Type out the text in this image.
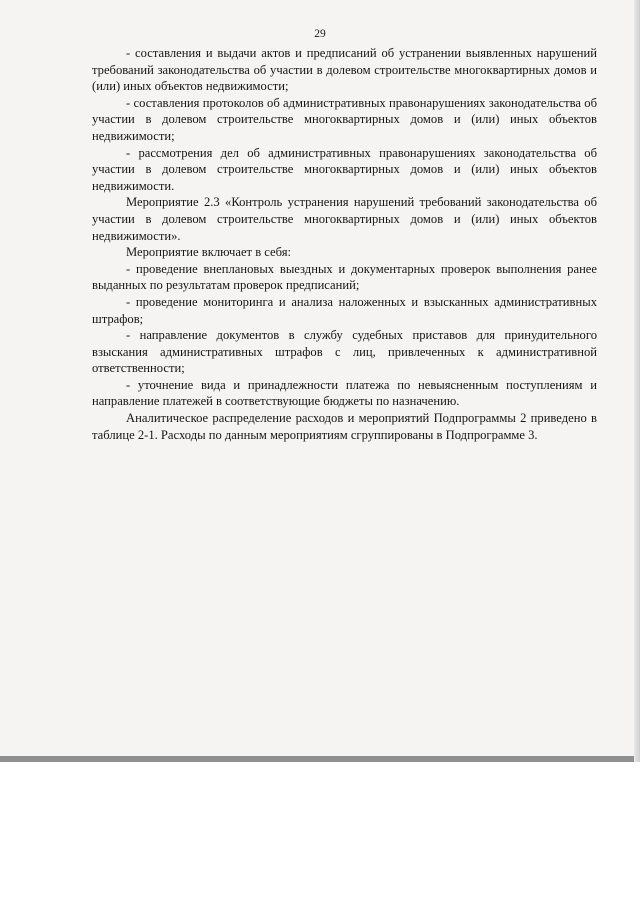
29

- составления и выдачи актов и предписаний об устранении выявленных нарушений требований законодательства об участии в долевом строительстве многоквартирных домов и (или) иных объектов недвижимости;

- составления протоколов об административных правонарушениях законодательства об участии в долевом строительстве многоквартирных домов и (или) иных объектов недвижимости;

- рассмотрения дел об административных правонарушениях законодательства об участии в долевом строительстве многоквартирных домов и (или) иных объектов недвижимости.

Мероприятие 2.3 «Контроль устранения нарушений требований законодательства об участии в долевом строительстве многоквартирных домов и (или) иных объектов недвижимости».

Мероприятие включает в себя:

- проведение внеплановых выездных и документарных проверок выполнения ранее выданных по результатам проверок предписаний;

- проведение мониторинга и анализа наложенных и взысканных административных штрафов;

- направление документов в службу судебных приставов для принудительного взыскания административных штрафов с лиц, привлеченных к административной ответственности;

- уточнение вида и принадлежности платежа по невыясненным поступлениям и направление платежей в соответствующие бюджеты по назначению.

Аналитическое распределение расходов и мероприятий Подпрограммы 2 приведено в таблице 2-1. Расходы по данным мероприятиям сгруппированы в Подпрограмме 3.
